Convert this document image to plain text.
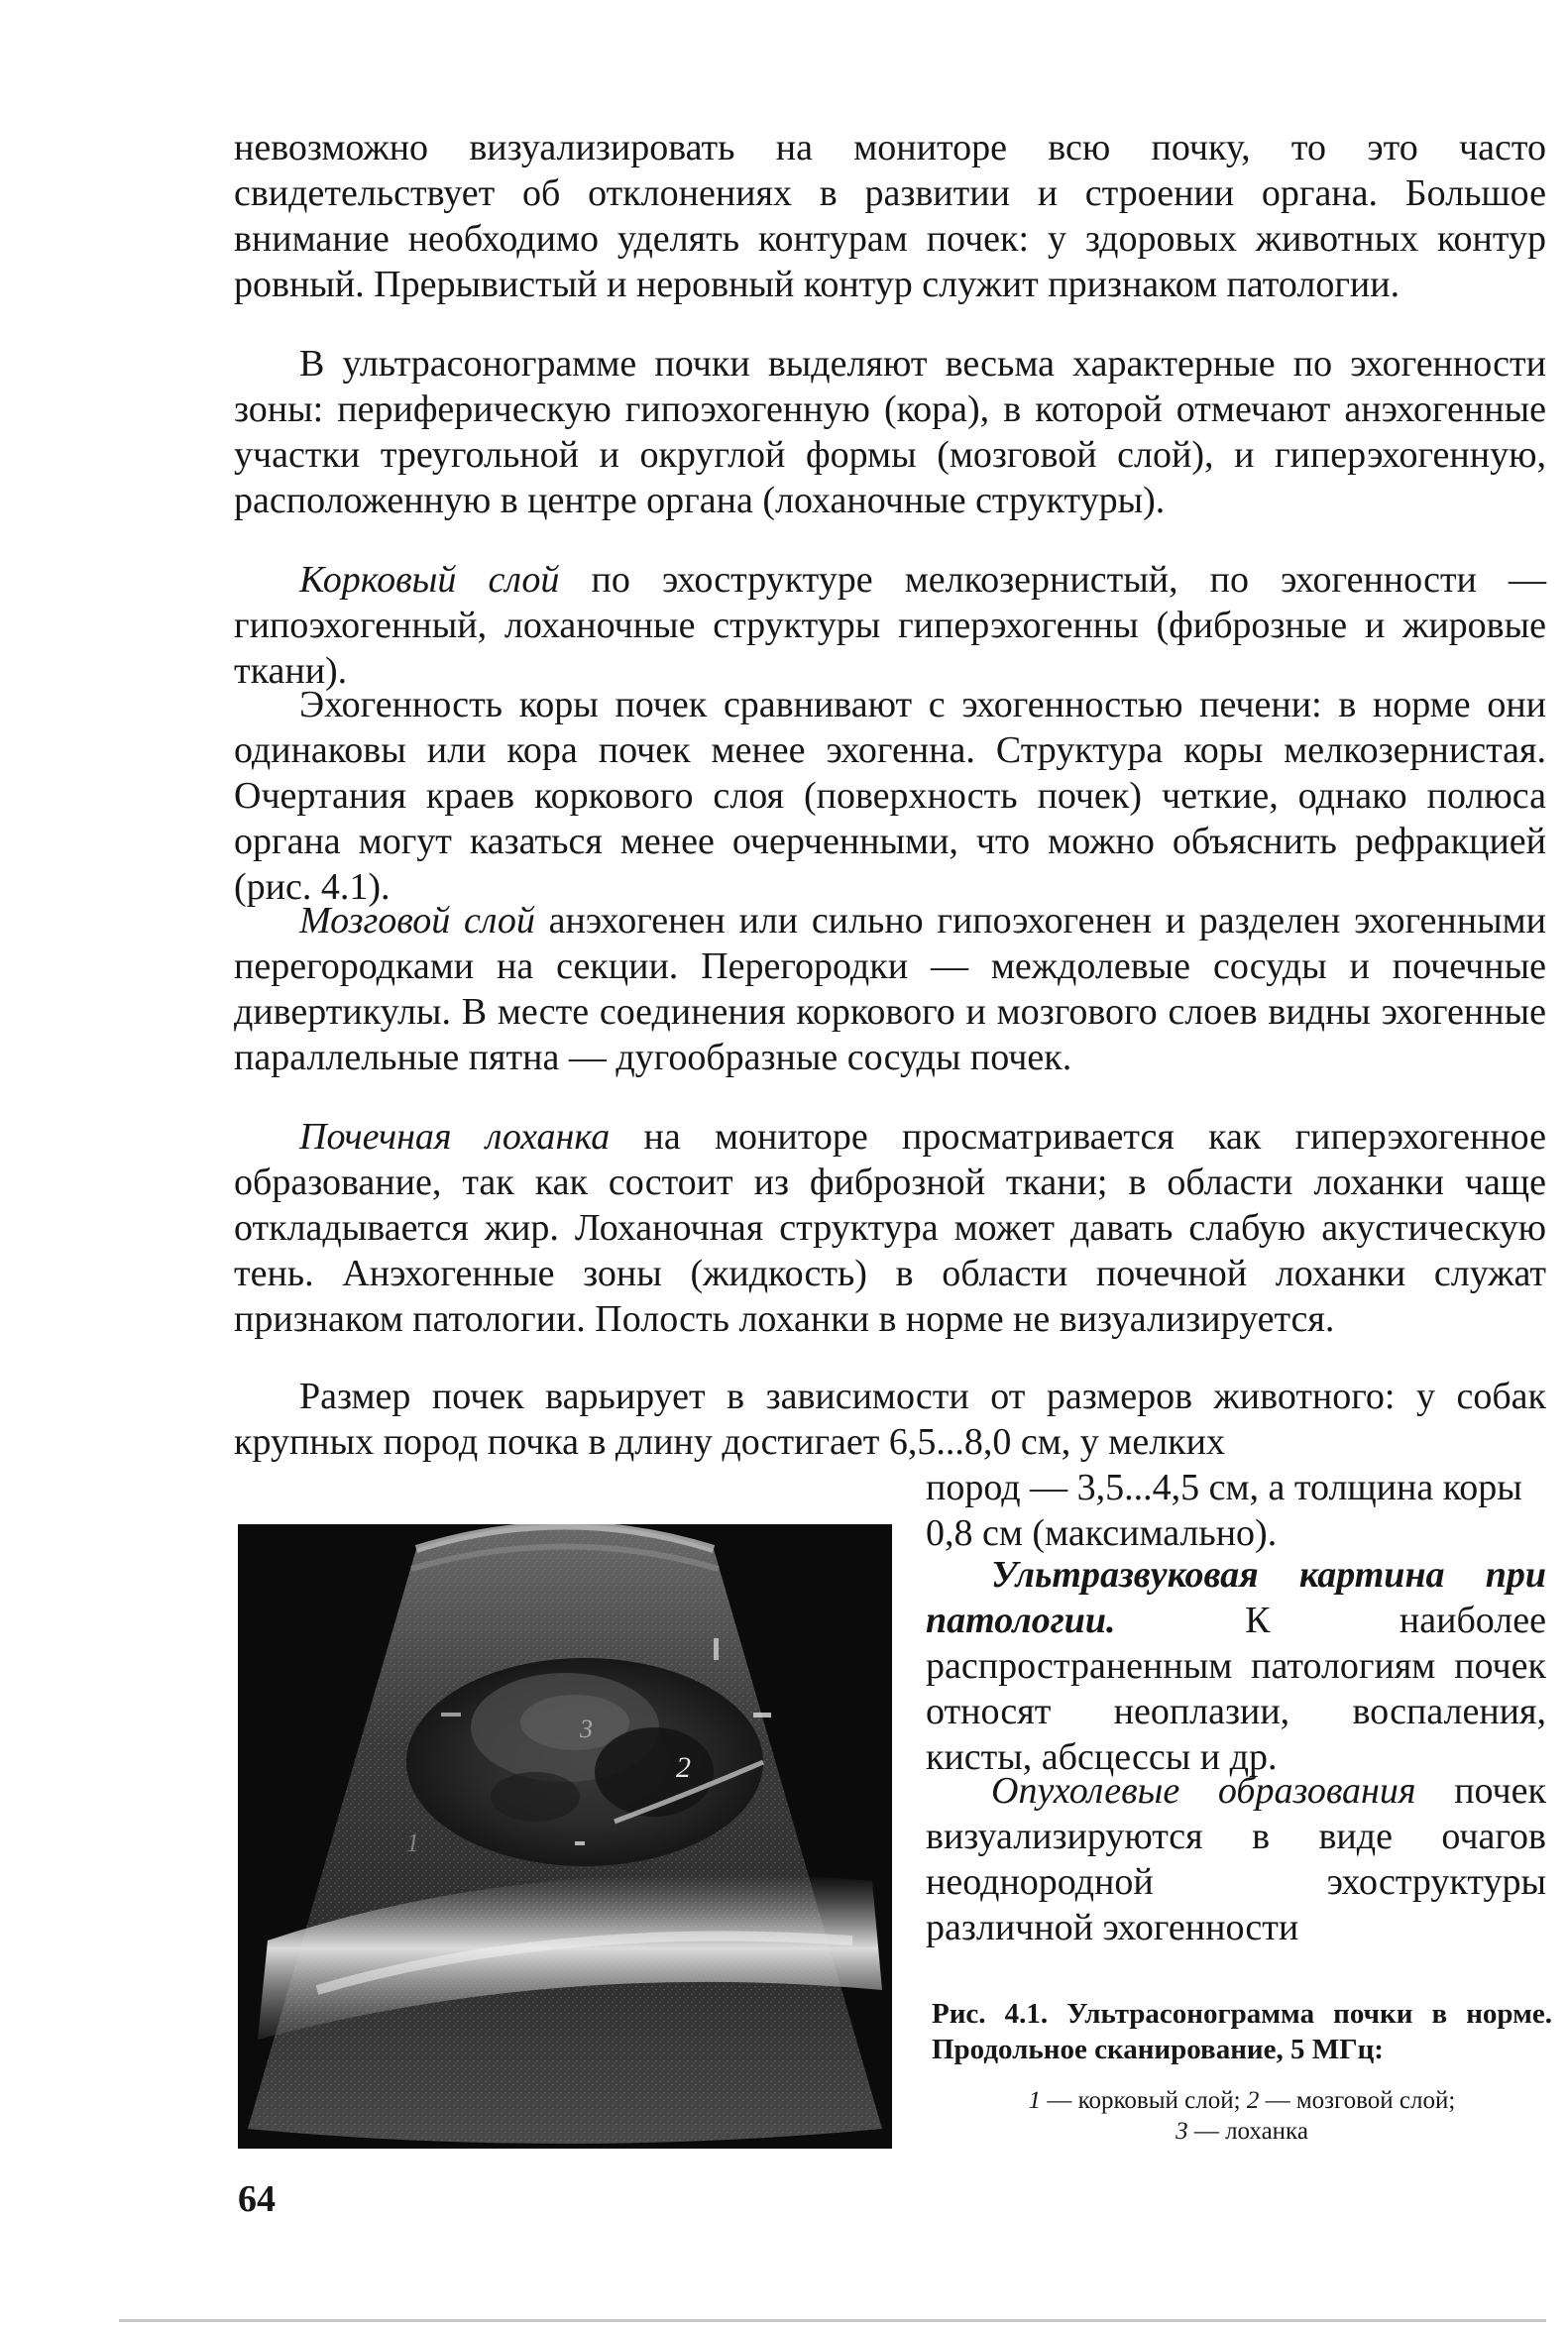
невозможно визуализировать на мониторе всю почку, то это часто свидетельствует об отклонениях в развитии и строении органа. Большое внимание необходимо уделять контурам почек: у здоровых животных контур ровный. Прерывистый и неровный контур служит признаком патологии.

В ультрасонограмме почки выделяют весьма характерные по эхогенности зоны: периферическую гипоэхогенную (кора), в которой отмечают анэхогенные участки треугольной и округлой формы (мозговой слой), и гиперэхогенную, расположенную в центре органа (лоханочные структуры).

Корковый слой по эхоструктуре мелкозернистый, по эхогенности — гипоэхогенный, лоханочные структуры гиперэхогенны (фиброзные и жировые ткани).

Эхогенность коры почек сравнивают с эхогенностью печени: в норме они одинаковы или кора почек менее эхогенна. Структура коры мелкозернистая. Очертания краев коркового слоя (поверхность почек) четкие, однако полюса органа могут казаться менее очерченными, что можно объяснить рефракцией (рис. 4.1).

Мозговой слой анэхогенен или сильно гипоэхогенен и разделен эхогенными перегородками на секции. Перегородки — междолевые сосуды и почечные дивертикулы. В месте соединения коркового и мозгового слоев видны эхогенные параллельные пятна — дугообразные сосуды почек.

Почечная лоханка на мониторе просматривается как гиперэхогенное образование, так как состоит из фиброзной ткани; в области лоханки чаще откладывается жир. Лоханочная структура может давать слабую акустическую тень. Анэхогенные зоны (жидкость) в области почечной лоханки служат признаком патологии. Полость лоханки в норме не визуализируется.

Размер почек варьирует в зависимости от размеров животного: у собак крупных пород почка в длину достигает 6,5...8,0 см, у мелких

пород — 3,5...4,5 см, а толщина коры 0,8 см (максимально).

Ультразвуковая картина при патологии. К наиболее распространенным патологиям почек относят неоплазии, воспаления, кисты, абсцессы и др.

Опухолевые образования почек визуализируются в виде очагов неоднородной эхоструктуры различной эхогенности

3
2
1

Рис. 4.1. Ультрасонограмма почки в норме. Продольное сканирование, 5 МГц:

1 — корковый слой; 2 — мозговой слой;
3 — лоханка

64
